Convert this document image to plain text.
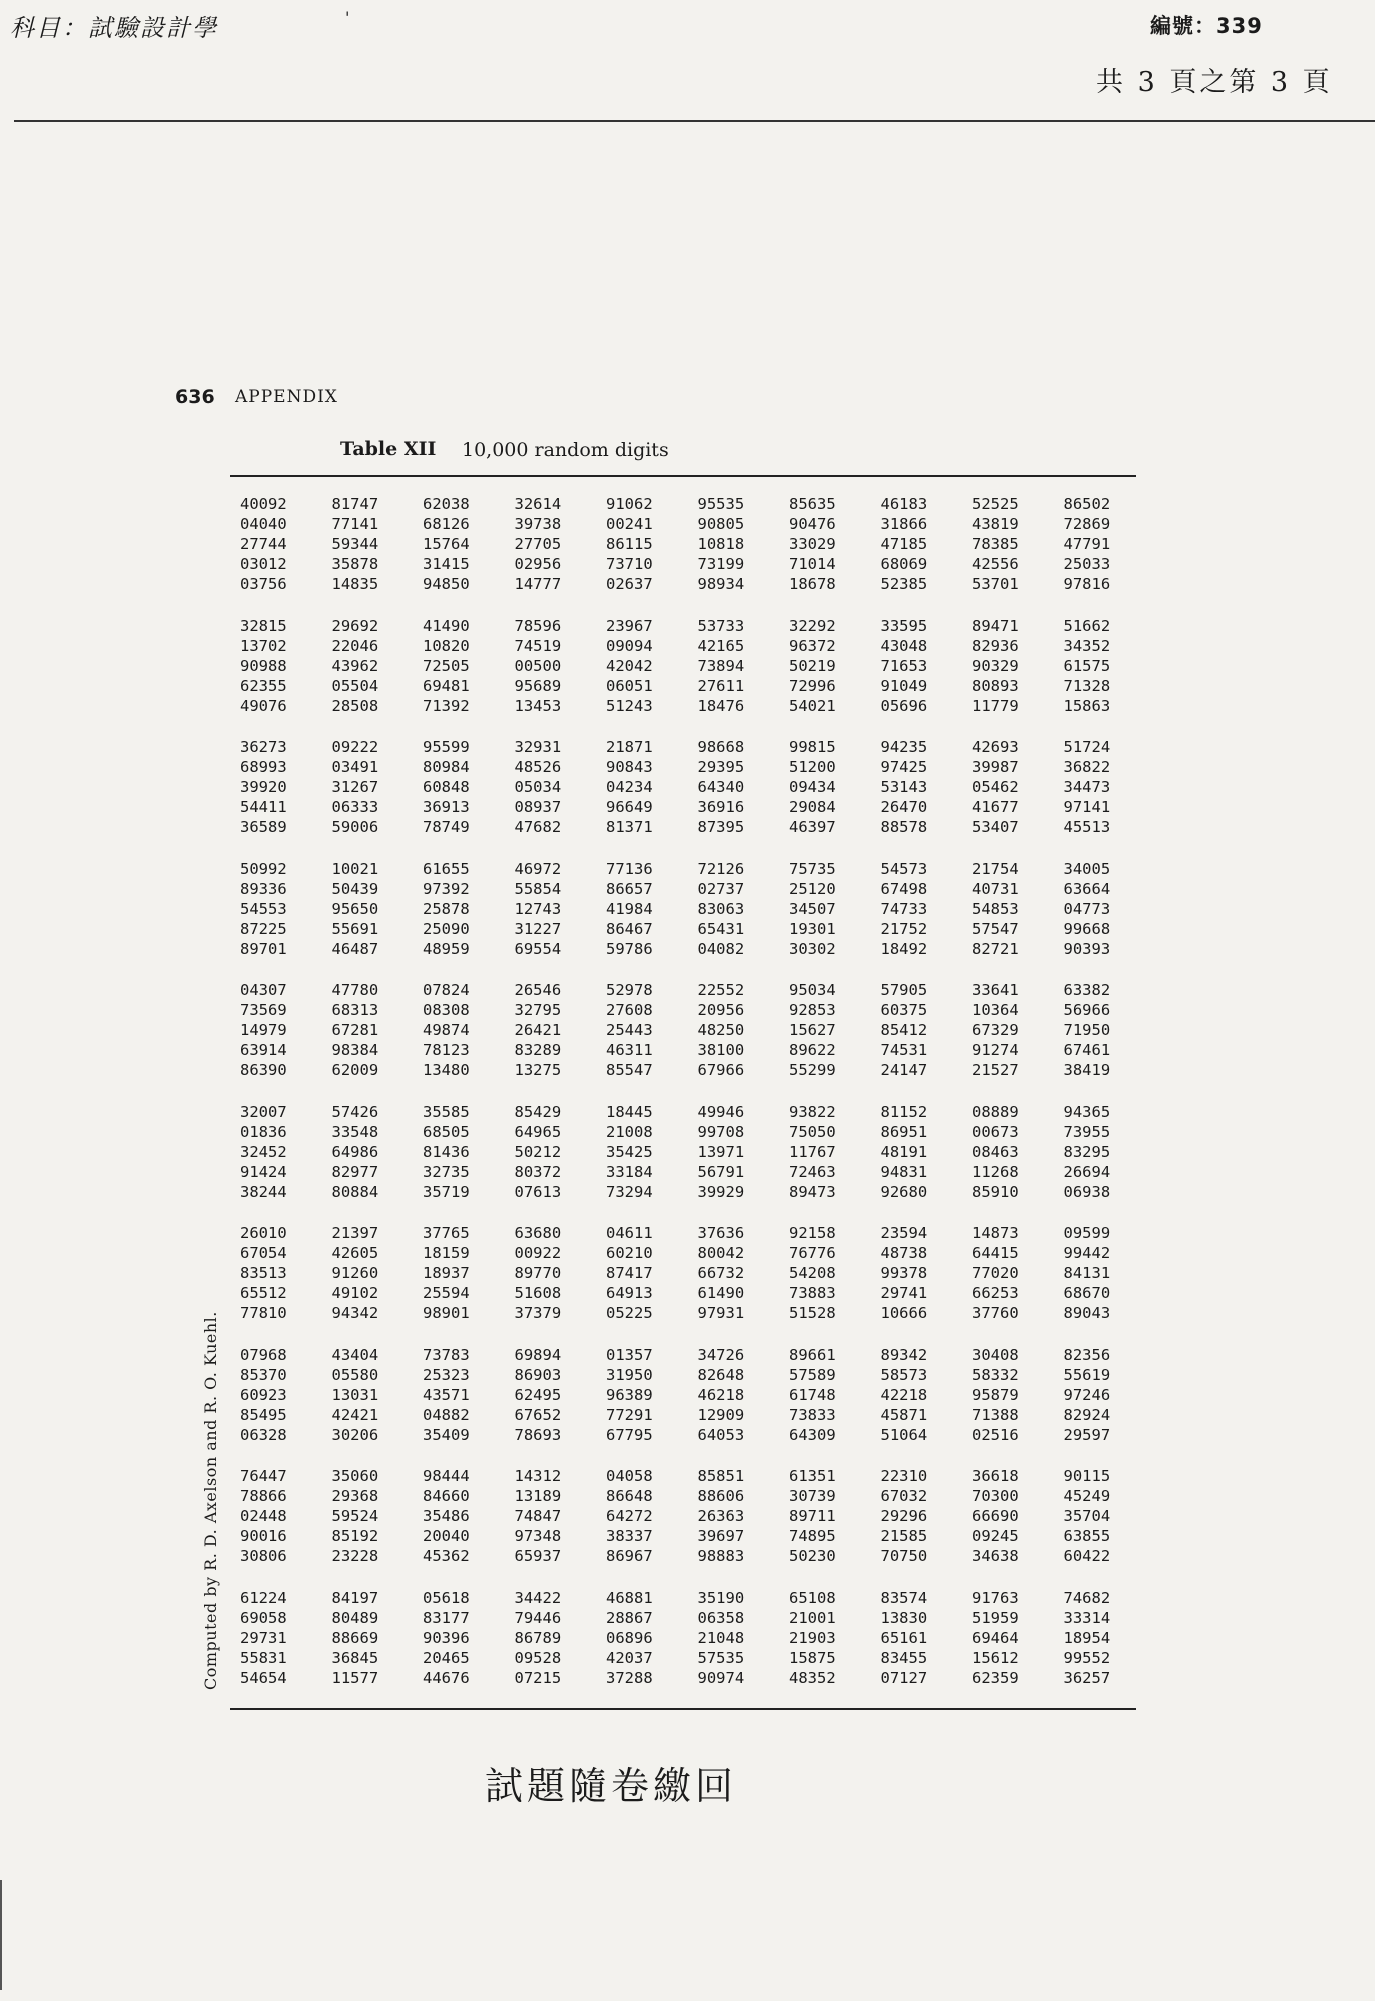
科目：試驗設計學	'	編號：339
共 3 頁之第 3 頁
636 APPENDIX
Table XII 10,000 random digits
40092	81747	62038	32614	91062	95535	85635	46183	52525	86502
04040	77141	68126	39738	00241	90805	90476	31866	43819	72869
27744	59344	15764	27705	86115	10818	33029	47185	78385	47791
03012	35878	31415	02956	73710	73199	71014	68069	42556	25033
03756	14835	94850	14777	02637	98934	18678	52385	53701	97816
32815	29692	41490	78596	23967	53733	32292	33595	89471	51662
13702	22046	10820	74519	09094	42165	96372	43048	82936	34352
90988	43962	72505	00500	42042	73894	50219	71653	90329	61575
62355	05504	69481	95689	06051	27611	72996	91049	80893	71328
49076	28508	71392	13453	51243	18476	54021	05696	11779	15863
36273	09222	95599	32931	21871	98668	99815	94235	42693	51724
68993	03491	80984	48526	90843	29395	51200	97425	39987	36822
39920	31267	60848	05034	04234	64340	09434	53143	05462	34473
54411	06333	36913	08937	96649	36916	29084	26470	41677	97141
36589	59006	78749	47682	81371	87395	46397	88578	53407	45513
50992	10021	61655	46972	77136	72126	75735	54573	21754	34005
89336	50439	97392	55854	86657	02737	25120	67498	40731	63664
54553	95650	25878	12743	41984	83063	34507	74733	54853	04773
87225	55691	25090	31227	86467	65431	19301	21752	57547	99668
89701	46487	48959	69554	59786	04082	30302	18492	82721	90393
04307	47780	07824	26546	52978	22552	95034	57905	33641	63382
73569	68313	08308	32795	27608	20956	92853	60375	10364	56966
14979	67281	49874	26421	25443	48250	15627	85412	67329	71950
63914	98384	78123	83289	46311	38100	89622	74531	91274	67461
86390	62009	13480	13275	85547	67966	55299	24147	21527	38419
32007	57426	35585	85429	18445	49946	93822	81152	08889	94365
01836	33548	68505	64965	21008	99708	75050	86951	00673	73955
32452	64986	81436	50212	35425	13971	11767	48191	08463	83295
91424	82977	32735	80372	33184	56791	72463	94831	11268	26694
38244	80884	35719	07613	73294	39929	89473	92680	85910	06938
26010	21397	37765	63680	04611	37636	92158	23594	14873	09599
67054	42605	18159	00922	60210	80042	76776	48738	64415	99442
83513	91260	18937	89770	87417	66732	54208	99378	77020	84131
65512	49102	25594	51608	64913	61490	73883	29741	66253	68670
77810	94342	98901	37379	05225	97931	51528	10666	37760	89043
07968	43404	73783	69894	01357	34726	89661	89342	30408	82356
85370	05580	25323	86903	31950	82648	57589	58573	58332	55619
60923	13031	43571	62495	96389	46218	61748	42218	95879	97246
85495	42421	04882	67652	77291	12909	73833	45871	71388	82924
06328	30206	35409	78693	67795	64053	64309	51064	02516	29597
76447	35060	98444	14312	04058	85851	61351	22310	36618	90115
78866	29368	84660	13189	86648	88606	30739	67032	70300	45249
02448	59524	35486	74847	64272	26363	89711	29296	66690	35704
90016	85192	20040	97348	38337	39697	74895	21585	09245	63855
30806	23228	45362	65937	86967	98883	50230	70750	34638	60422
61224	84197	05618	34422	46881	35190	65108	83574	91763	74682
69058	80489	83177	79446	28867	06358	21001	13830	51959	33314
29731	88669	90396	86789	06896	21048	21903	65161	69464	18954
55831	36845	20465	09528	42037	57535	15875	83455	15612	99552
54654	11577	44676	07215	37288	90974	48352	07127	62359	36257
Computed by R. D. Axelson and R. O. Kuehl.
試題隨卷繳回
